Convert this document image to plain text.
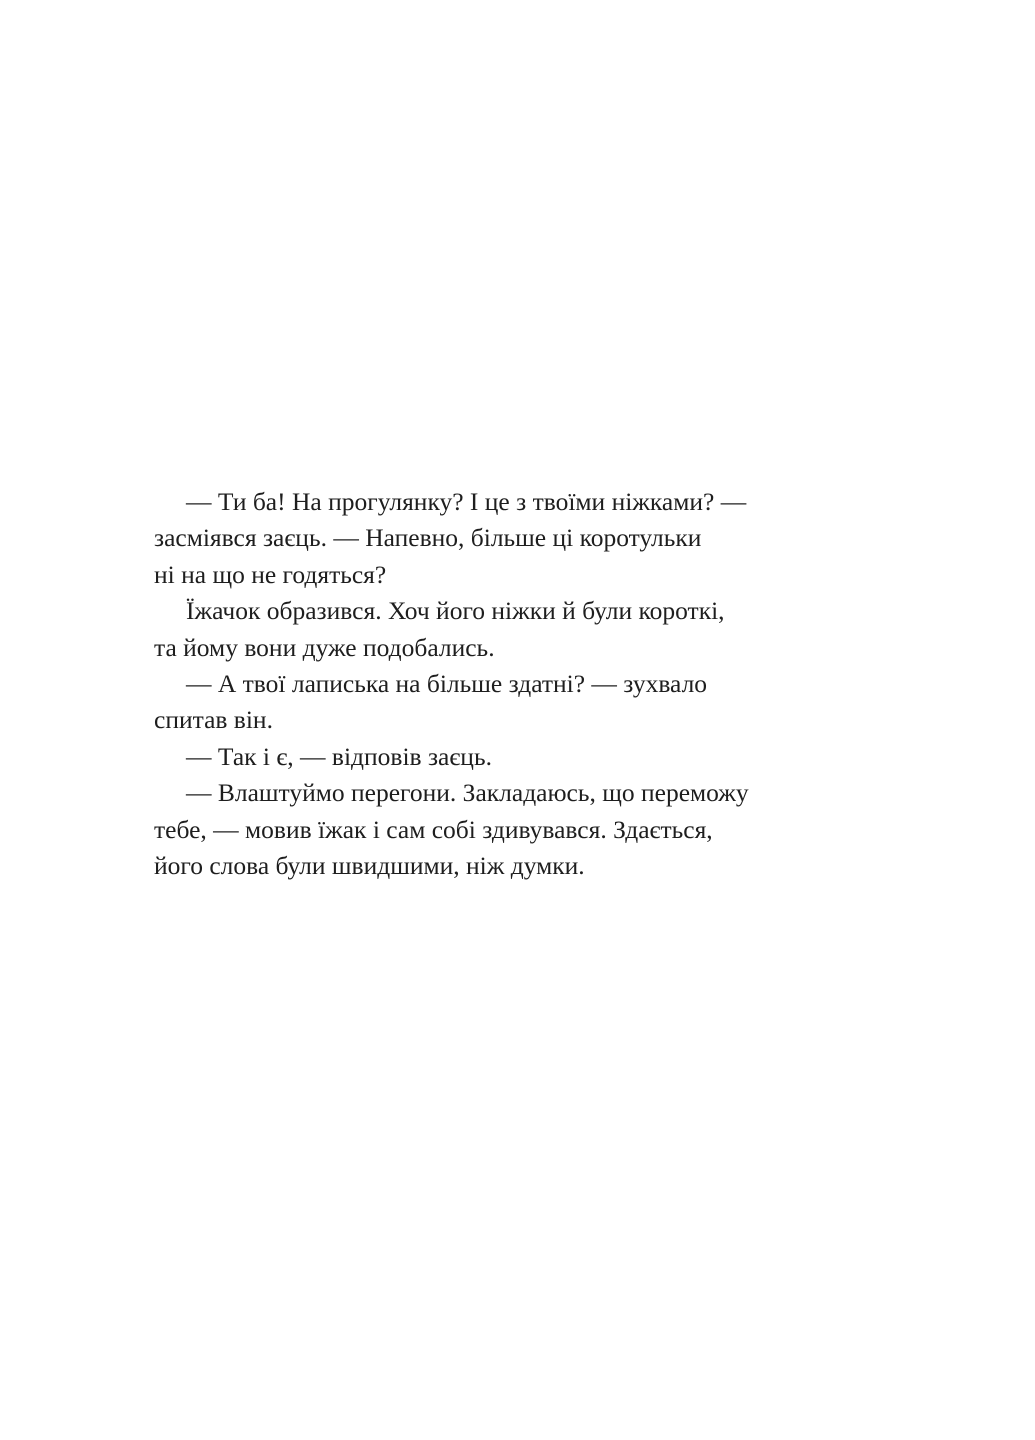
— Ти ба! На прогулянку? І це з твоїми ніжками? —
засміявся заєць. — Напевно, більше ці коротульки
ні на що не годяться?
Їжачок образився. Хоч його ніжки й були короткі,
та йому вони дуже подобались.
— А твої лаписька на більше здатні? — зухвало
спитав він.
— Так і є, — відповів заєць.
— Влаштуймо перегони. Закладаюсь, що переможу
тебе, — мовив їжак і сам собі здивувався. Здається,
його слова були швидшими, ніж думки.
